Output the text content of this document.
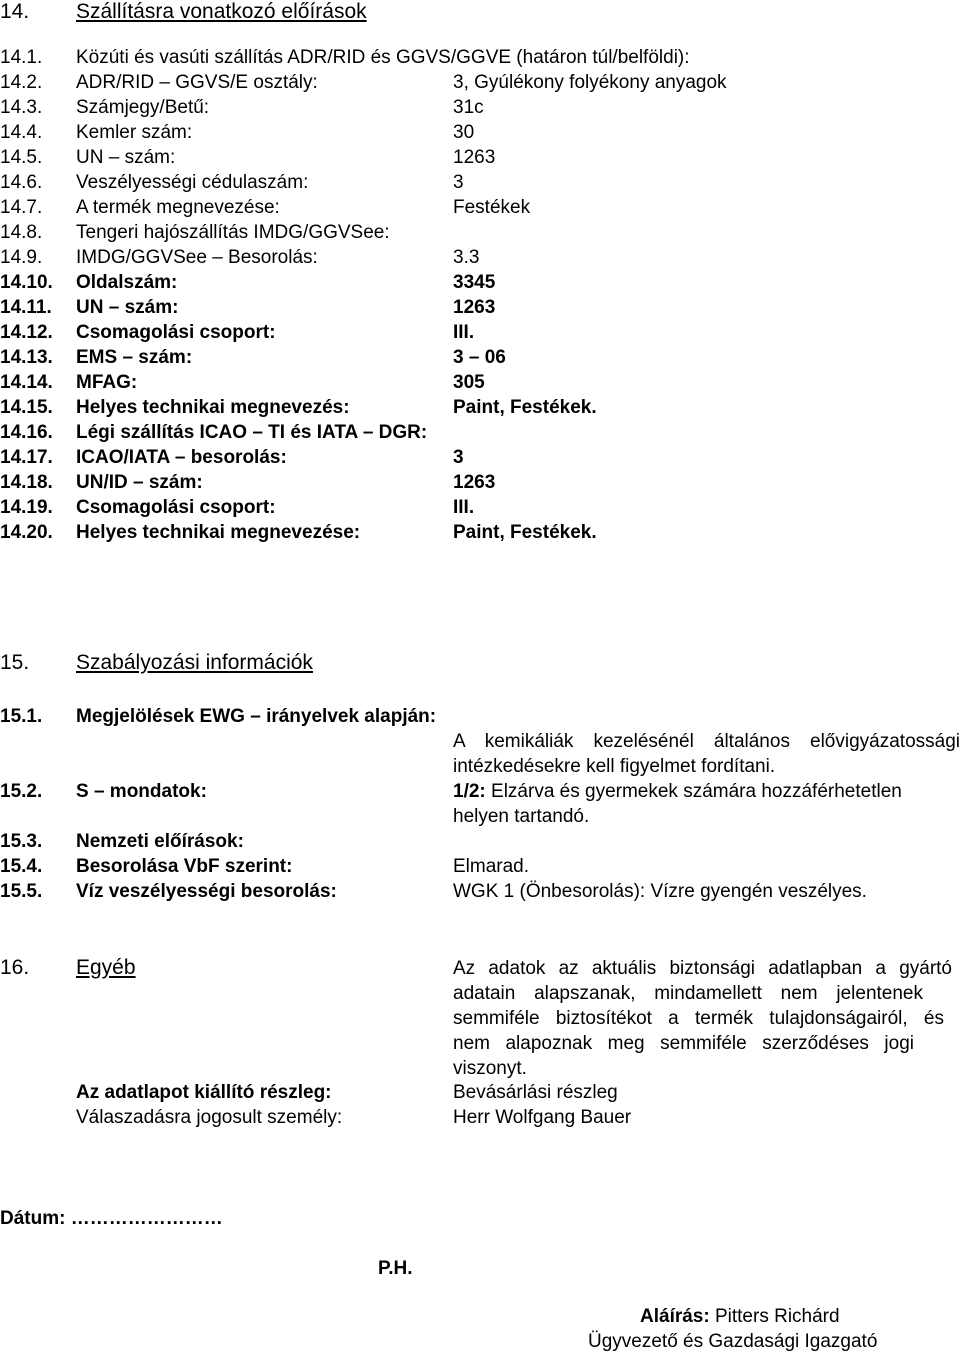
14. Szállításra vonatkozó előírások
14.1. Közúti és vasúti szállítás ADR/RID és GGVS/GGVE (határon túl/belföldi):
14.2. ADR/RID – GGVS/E osztály:	3, Gyúlékony folyékony anyagok
14.3. Számjegy/Betű:	31c
14.4. Kemler szám:	30
14.5. UN – szám:	1263
14.6. Veszélyességi cédulaszám:	3
14.7. A termék megnevezése:	Festékek
14.8. Tengeri hajószállítás IMDG/GGVSee:
14.9. IMDG/GGVSee – Besorolás:	3.3
14.10. Oldalszám:	3345
14.11. UN – szám:	1263
14.12. Csomagolási csoport:	III.
14.13. EMS – szám:	3 – 06
14.14. MFAG:	305
14.15. Helyes technikai megnevezés:	Paint, Festékek.
14.16. Légi szállítás ICAO – TI és IATA – DGR:
14.17. ICAO/IATA – besorolás:	3
14.18. UN/ID – szám:	1263
14.19. Csomagolási csoport:	III.
14.20. Helyes technikai megnevezése:	Paint, Festékek.
15. Szabályozási információk
15.1. Megjelölések EWG – irányelvek alapján:
A kemikáliák kezelésénél általános elővigyázatossági
intézkedésekre kell figyelmet fordítani.
15.2. S – mondatok:	1/2: Elzárva és gyermekek számára hozzáférhetetlen
helyen tartandó.
15.3. Nemzeti előírások:
15.4. Besorolása VbF szerint:	Elmarad.
15.5. Víz veszélyességi besorolás:	WGK 1 (Önbesorolás): Vízre gyengén veszélyes.
16. Egyéb	Az adatok az aktuális biztonsági adatlapban a gyártó
adatain alapszanak, mindamellett nem jelentenek
semmiféle biztosítékot a termék tulajdonságairól, és
nem alapoznak meg semmiféle szerződéses jogi
viszonyt.
Az adatlapot kiállító részleg:	Bevásárlási részleg
Válaszadásra jogosult személy:	Herr Wolfgang Bauer
Dátum: ……………………
P.H.
Aláírás: Pitters Richárd
Ügyvezető és Gazdasági Igazgató
